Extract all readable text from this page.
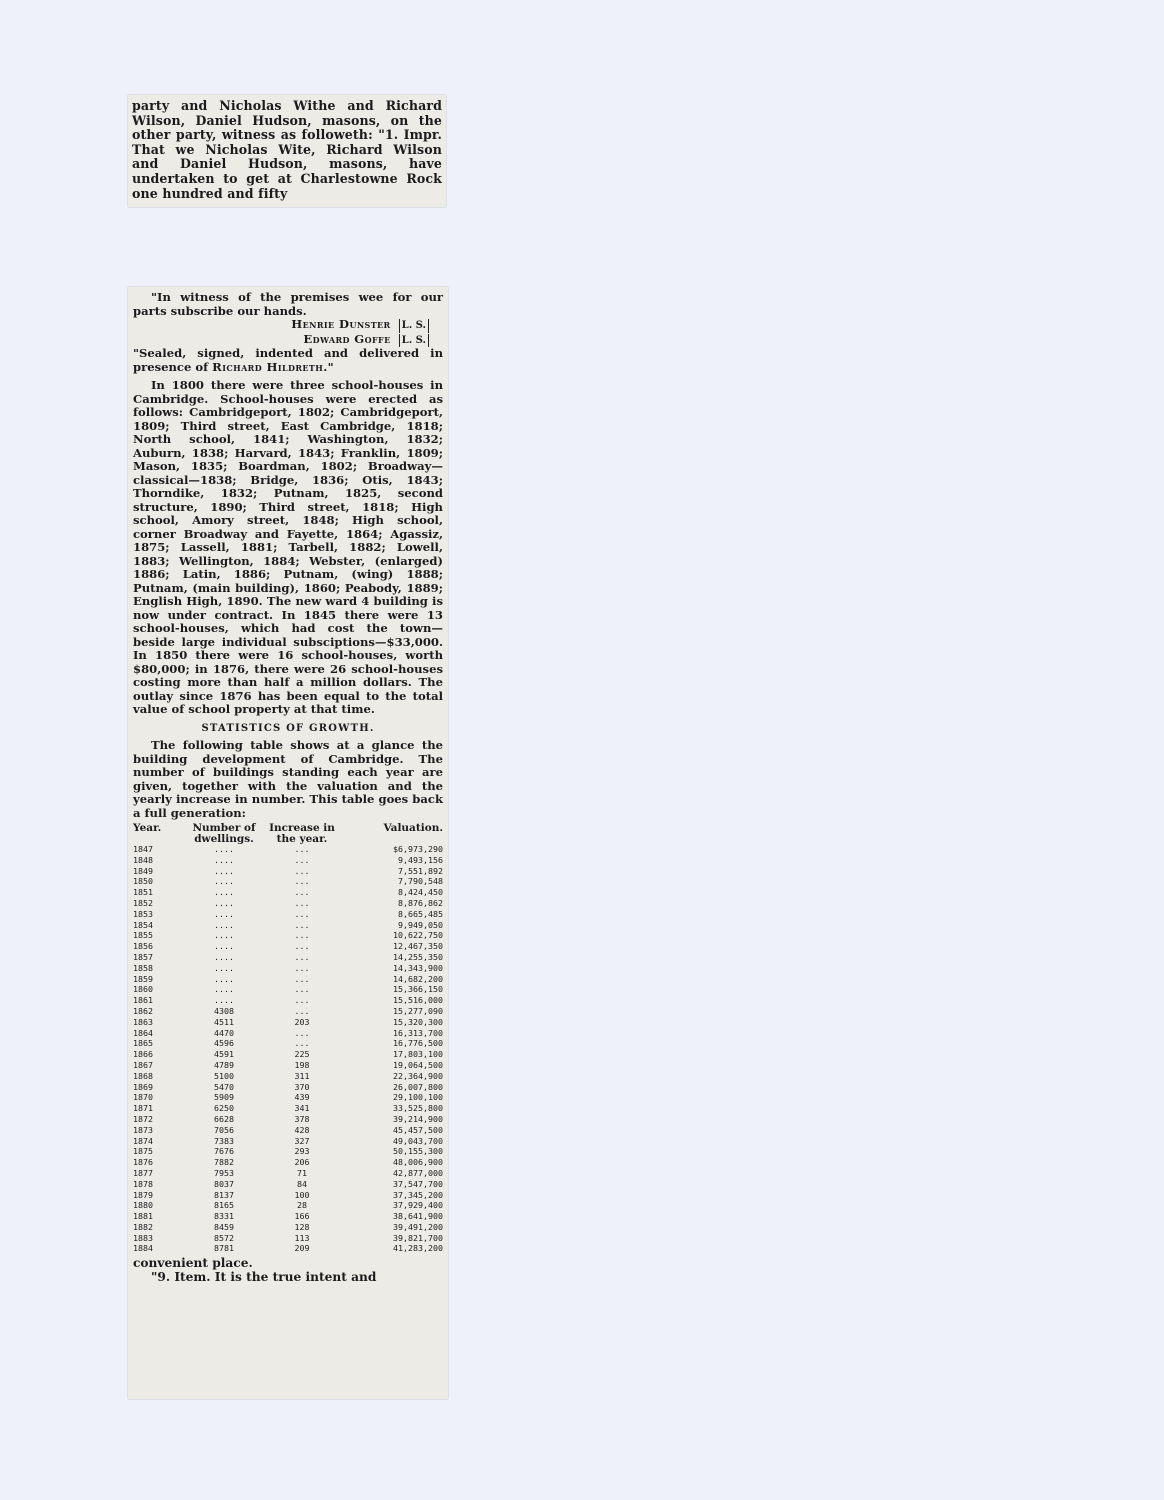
party and Nicholas Withe and Richard Wilson, Daniel Hudson, masons, on the other party, witness as followeth: "1. Impr. That we Nicholas Wite, Richard Wilson and Daniel Hudson, masons, have undertaken to get at Charlestowne Rock one hundred and fifty

"In witness of the premises wee for our parts subscribe our hands.

Henrie Dunster L. S.
Edward Goffe L. S.

"Sealed, signed, indented and delivered in presence of Richard Hildreth."

In 1800 there were three school-houses in Cambridge. School-houses were erected as follows: Cambridgeport, 1802; Cambridgeport, 1809; Third street, East Cambridge, 1818; North school, 1841; Washington, 1832; Auburn, 1838; Harvard, 1843; Franklin, 1809; Mason, 1835; Boardman, 1802; Broadway—classical—1838; Bridge, 1836; Otis, 1843; Thorndike, 1832; Putnam, 1825, second structure, 1890; Third street, 1818; High school, Amory street, 1848; High school, corner Broadway and Fayette, 1864; Agassiz, 1875; Lassell, 1881; Tarbell, 1882; Lowell, 1883; Wellington, 1884; Webster, (enlarged) 1886; Latin, 1886; Putnam, (wing) 1888; Putnam, (main building), 1860; Peabody, 1889; English High, 1890. The new ward 4 building is now under contract. In 1845 there were 13 school-houses, which had cost the town—beside large individual subsciptions—$33,000. In 1850 there were 16 school-houses, worth $80,000; in 1876, there were 26 school-houses costing more than half a million dollars. The outlay since 1876 has been equal to the total value of school property at that time.

STATISTICS OF GROWTH.

The following table shows at a glance the building development of Cambridge. The number of buildings standing each year are given, together with the valuation and the yearly increase in number. This table goes back a full generation:

Year.	Number of dwellings.	Increase in the year.	Valuation.
1847	....	...	$6,973,290
1848	....	...	9,493,156
1849	....	...	7,551,892
1850	....	...	7,790,548
1851	....	...	8,424,450
1852	....	...	8,876,862
1853	....	...	8,665,485
1854	....	...	9,949,050
1855	....	...	10,622,750
1856	....	...	12,467,350
1857	....	...	14,255,350
1858	....	...	14,343,900
1859	....	...	14,682,200
1860	....	...	15,366,150
1861	....	...	15,516,000
1862	4308	...	15,277,090
1863	4511	203	15,320,300
1864	4470	...	16,313,700
1865	4596	...	16,776,500
1866	4591	225	17,803,100
1867	4789	198	19,064,500
1868	5100	311	22,364,900
1869	5470	370	26,007,800
1870	5909	439	29,100,100
1871	6250	341	33,525,800
1872	6628	378	39,214,900
1873	7056	428	45,457,500
1874	7383	327	49,043,700
1875	7676	293	50,155,300
1876	7882	206	48,006,900
1877	7953	71	42,877,000
1878	8037	84	37,547,700
1879	8137	100	37,345,200
1880	8165	28	37,929,400
1881	8331	166	38,641,900
1882	8459	128	39,491,200
1883	8572	113	39,821,700
1884	8781	209	41,283,200

convenient place.

"9. Item. It is the true intent and
